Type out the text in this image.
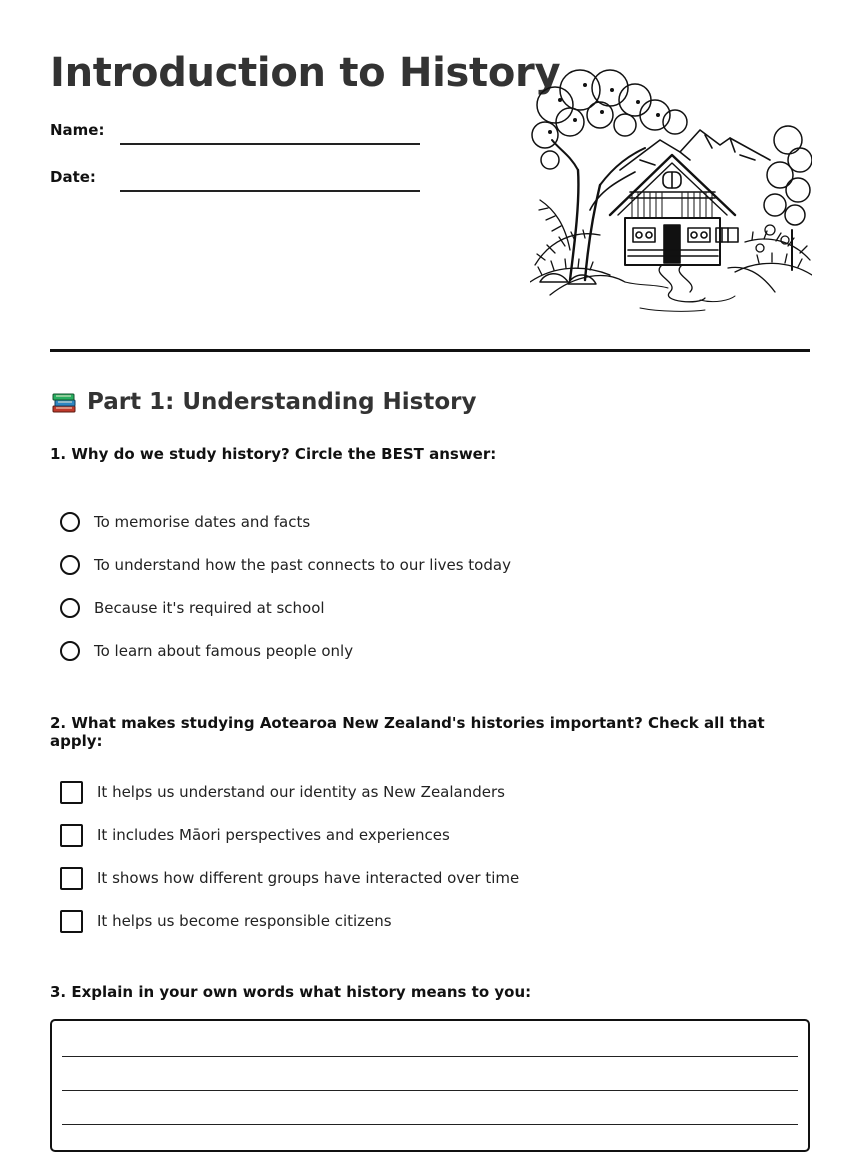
Introduction to History
Name:
Date:
Part 1: Understanding History

1. Why do we study history? Circle the BEST answer:

To memorise dates and facts
To understand how the past connects to our lives today
Because it's required at school
To learn about famous people only

2. What makes studying Aotearoa New Zealand's histories important? Check all that apply:

It helps us understand our identity as New Zealanders
It includes Māori perspectives and experiences
It shows how different groups have interacted over time
It helps us become responsible citizens

3. Explain in your own words what history means to you:
